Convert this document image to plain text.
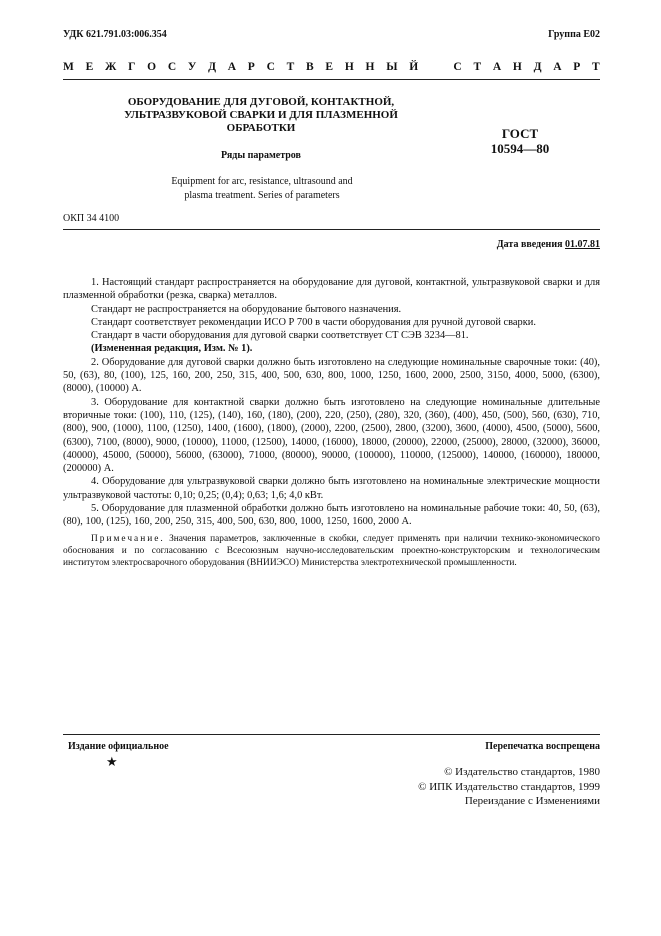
УДК 621.791.03:006.354	Группа Е02
М Е Ж Г О С У Д А Р С Т В Е Н Н Ы Й	С Т А Н Д А Р Т
ОБОРУДОВАНИЕ ДЛЯ ДУГОВОЙ, КОНТАКТНОЙ,
УЛЬТРАЗВУКОВОЙ СВАРКИ И ДЛЯ ПЛАЗМЕННОЙ
ОБРАБОТКИ
Ряды параметров
Equipment for arc, resistance, ultrasound and
plasma treatment. Series of parameters
ГОСТ
10594—80
ОКП 34 4100
Дата введения 01.07.81

1. Настоящий стандарт распространяется на оборудование для дуговой, контактной, ультразвуковой сварки и для плазменной обработки (резка, сварка) металлов.

Стандарт не распространяется на оборудование бытового назначения.

Стандарт соответствует рекомендации ИСО Р 700 в части оборудования для ручной дуговой сварки.

Стандарт в части оборудования для дуговой сварки соответствует СТ СЭВ 3234—81.

(Измененная редакция, Изм. № 1).

2. Оборудование для дуговой сварки должно быть изготовлено на следующие номинальные сварочные токи: (40), 50, (63), 80, (100), 125, 160, 200, 250, 315, 400, 500, 630, 800, 1000, 1250, 1600, 2000, 2500, 3150, 4000, 5000, (6300), (8000), (10000) А.

3. Оборудование для контактной сварки должно быть изготовлено на следующие номинальные длительные вторичные токи: (100), 110, (125), (140), 160, (180), (200), 220, (250), (280), 320, (360), (400), 450, (500), 560, (630), 710, (800), 900, (1000), 1100, (1250), 1400, (1600), (1800), (2000), 2200, (2500), 2800, (3200), 3600, (4000), 4500, (5000), 5600, (6300), 7100, (8000), 9000, (10000), 11000, (12500), 14000, (16000), 18000, (20000), 22000, (25000), 28000, (32000), 36000, (40000), 45000, (50000), 56000, (63000), 71000, (80000), 90000, (100000), 110000, (125000), 140000, (160000), 180000, (200000) А.

4. Оборудование для ультразвуковой сварки должно быть изготовлено на номинальные электрические мощности ультразвуковой частоты: 0,10; 0,25; (0,4); 0,63; 1,6; 4,0 кВт.

5. Оборудование для плазменной обработки должно быть изготовлено на номинальные рабочие токи: 40, 50, (63), (80), 100, (125), 160, 200, 250, 315, 400, 500, 630, 800, 1000, 1250, 1600, 2000 А.

Примечание. Значения параметров, заключенные в скобки, следует применять при наличии технико-экономического обоснования и по согласованию с Всесоюзным научно-исследовательским проектно-конструкторским и технологическим институтом электросварочного оборудования (ВНИИЭСО) Министерства электротехнической промышленности.

Издание официальное	Перепечатка воспрещена
★
© Издательство стандартов, 1980
© ИПК Издательство стандартов, 1999
Переиздание с Изменениями
